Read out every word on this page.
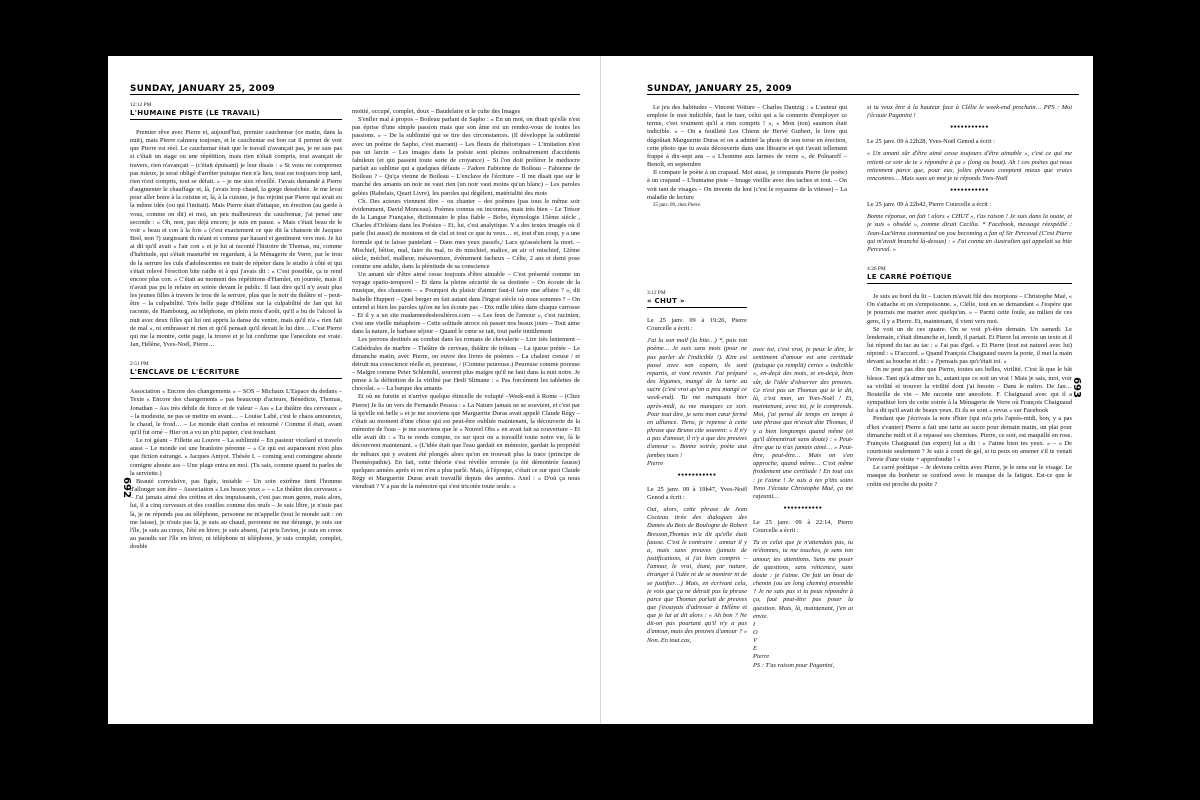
SUNDAY, JANUARY 25, 2009
692
12:12 PM
L'HUMAINE PISTE (LE TRAVAIL)

Premier rêve avec Pierre et, aujourd'hui, premier cauchemar (ce matin, dans la nuit), mais Pierre calmera toujours, et le cauchemar est bon car il permet de voir que Pierre est réel. Le cauchemar était que le travail n'avançait pas, je ne sais pas si c'était un stage ou une répétition, mais rien n'était compris, tout avançait de travers, rien n'avançait – (c'était épuisant) je leur disais : « Si vous ne comprenez pas mieux, je serai obligé d'arrêter puisque rien n'a lieu, tout est toujours trop tard, rien n'est compris, tout se défait. » – je me suis réveillé. J'avais demandé à Pierre d'augmenter le chauffage et, là, j'avais trop chaud, la gorge desséchée. Je me levai pour aller boire à la cuisine et, là, à la cuisine, je fus rejoint par Pierre qui avait eu la même idée (ou qui l'imitait). Mais Pierre était d'attaque, en érection (au garde à vous, comme on dit) et moi, un peu malheureux du cauchemar, j'ai pensé une seconde : « Oh, non, pas déjà encore, je suis en pause. » Mais c'était beau de le voir « beau et con à la fois » (c'est exactement ce que dit la chanson de Jacques Brel, non ?) surgissant du néant et comme par hasard et gentiment vers moi. Je lui ai dit qu'il avait « l'air con » et je lui ai raconté l'histoire de Thomas, nu, comme d'habitude, qui s'était masturbé en regardant, à la Ménagerie de Verre, par le trou de la serrure les culs d'adolescentes en train de répéter dans le studio à côté et qui s'était relevé l'érection bite raidie et à qui j'avais dit : « C'est possible, ça te rend encore plus con. » C'était au moment des répétitions d'Hamlet, en journée, mais il n'avait pas pu le refaire en soirée devant le public. Il faut dire qu'il n'y avait plus les jeunes filles à travers le trou de la serrure, plus que le noir du théâtre et – peut-être – la culpabilité. Très belle page d'Hélène sur la culpabilité de Jan qui lui raconte, de Hambourg, au téléphone, en plein mois d'août, qu'il a bu de l'alcool la nuit avec deux filles qui lui ont appris la danse du ventre, mais qu'il n'a « rien fait de mal », ni embrasser ni rien et qu'il pensait qu'il devait le lui dire… C'est Pierre qui me la montre, cette page, la trouve et je lui confirme que l'anecdote est vraie. Jan, Hélène, Yves-Noël, Pierre…

2:51 PM
L'ENCLAVE DE L'ÉCRITURE

Association « Encore des changements » – SOS – Michaux L'Espace du dedans – Texte « Encore des changements » pas beaucoup d'acteurs, Bénédicte, Thomas, Jonathan – Ass très débile de force et de valeur – Ass « Le théâtre des cerveaux » – la modestie, ne pas se mettre en avant… – Louise Labé, c'est le chaos amoureux, le chaud, le froid… – Le monde était confus et retourné / Comme il était, avant qu'il fut orné – Hier on a vu un p'tit papier, c'est touchant

Le roi géant – Fillette au Louvre – La sublimité – En pasteur vicelard et travelo aussi – Le monde est une branloire pérenne – « Ce qui est auparavant n'est plus que fiction estrange. » Jacques Amyot. Thésée I. – coming sout comingme ahoute comigne ahoute ass – Une plage entra en moi. (Tu sais, comme quand tu parles de la serviette.)

Beauté convulsive, pas figée, instable – Un soin extrême tient l'homme d'allonger son être – Association « Les beaux yeux » – « Le théâtre des cerveaux » – J'ai jamais aimé des crétins et des impuissants, c'est pas mon genre, mais alors, lui, il a cinq cerveaux et des couilles comme des œufs – Je suis libre, je n'suis pas là, je ne réponds pas au téléphone, personne ne m'appelle (tout le monde sait : on me laisse), je n'suis pas là, je suis au chaud, personne ne me dérange, je suis sur l'île, je suis au creux, l'été en hiver, je suis absent, j'ai pris l'avion, je suis en creux au paradis sur l'île en hiver, ni téléphone ni téléphone, je suis complet, complet, double

moitié, occupé, complet, doux – Baudelaire et le culte des Images

S'enfler mal à propos – Boileau parlant de Sapho : « En un mot, on dirait qu'elle n'est pas éprise d'une simple passion mais que son âme est un rendez-vous de toutes les passions. » – De la sublimité qui se tire des circonstances. (Il développe la sublimité avec un poème de Sapho, c'est marrant) – Les fleurs de rhétoriques – L'imitation n'est pas un larcin – Les images dans la poésie sont pleines ordinairement d'accidents fabuleux (et qui passent toute sorte de croyance) – Si l'on doit préférer le médiocre parfait au sublime qui a quelques défauts – J'adore Fabienne de Boileau – Fabienne de Boileau ? – Qu'ça vienne de Boileau – L'enclave de l'écriture – Il me disait que sur le marché des amants un noir ne vaut rien (un noir vaut moins qu'un blanc) – Les paroles gelées (Rabelais, Quart Livre), les paroles qui dégèlent, matérialité des mots

Ch. Des acteurs viennent dire – ou chanter – des poèmes (pas tous le même soir évidemment, David Monceau). Poèmes connus ou inconnus, mais très bien – Le Trésor de la Langue Française, dictionnaire le plus fiable – Bobo, étymologie 15ème siècle , Charles d'Orléans dans les Poésies – Et, lui, c'est analytique. Y a des textes imagés où il parle (lui aussi) de moutons et de ciel et tout ce que tu veux… et, tout d'un coup, y a une formule qui te laisse pantelant – Dans mes yeux passifs,/ Lacs qu'assèchent la mort. – Mischief, bêtise, mal, faire du mal, to do mischief, malice, an air of mischief, 12ème siècle, méchef, malheur, mésaventure, événement facheux – Célie, 2 ans et demi pose comme une adulte, dans la plénitude de sa conscience

Un amant sûr d'être aimé cesse toujours d'être aimable – C'est présenté comme un voyage spatio-temporel – Et dans la pleine sécurité de sa destinée – On écoute de la musique, des chansons – « Pourquoi du plaisir d'aimer faut-il faire une affaire ? », dit Isabelle Huppert – Quel berger en fait autant dans l'ingrat siècle où nous sommes ? – On entend si bien les paroles qu'on ne les écoute pas – Dix mille idées dans chaque carrosse – Et il y a un site madameedeshoulières.com – « Les feux de l'amour », c'est racinien, c'est une vieille métaphore – Cette solitude atroce où passer nos beaux jours – Tout aime dans la nature, le barbare séjour – Quand le cœur se tait, tout parle inutilement

Les perrons destinés au combat dans les romans de chevalerie – Lire très lentement – Cathédrales de marbre – Théâtre de cerveau, théâtre de tréteau – La queue prétée – Le dimanche matin, avec Pierre, on ouvre des livres de poèmes – La chaleur creuse / et détruit ma conscience réelle et, peureuse, / (Comme peureuse.) Peureuse comme poreuse – Maigre comme Peter Schlemihl, souvent plus maigre qu'il ne faut dans la nuit noire. Je pense à la définition de la virilité par Hedi Slimane : « Pas forcément les tablettes de chocolat. » – La barque des amants

Et où ne furette et n'arrive quelque étincelle de volupté –Week-end à Rome – (Chez Pierre) Je lis un vers de Fernando Pessoa : « La Nature jamais ne se souvient, et c'est par là qu'elle est belle » et je me souviens que Marguerite Duras avait appelé Claude Régy – c'était au moment d'une chose qui est peut-être oubliée maintenant, la découverte de la mémoire de l'eau – je me souviens que le « Nouvel Obs » en avait fait sa couverture – Et elle avait dit : « Tu te rends compte, ce sur quoi on a travaillé toute notre vie, là le découvrent maintenant. » (L'idée était que l'eau gardait en mémoire, gardait la propriété de mêtaux qui y avaient été plongés alors qu'on en trouvait plus la trace (principe de l'homéopathie). En fait, cette théorie s'est révélée erronée (a été démontrée fausse) quelques années après et on n'en a plus parlé. Mais, à l'époque, c'était ce sur quoi Claude Régy et Marguerite Duras avait travaillé depuis des années. Axel : « D'où ça nous viendrait ? Y a pas de la mémoire qui s'est tricotée toute seule. »

SUNDAY, JANUARY 25, 2009
693

Le jeu des habitudes – Vincent Voiture – Charles Dantzig : « L'auteur qui emploie le mot indicible, faut le tuer, celui qui a la connerie d'employer ce terme, c'est vraiment qu'il a rien compris ! », « Mon (ton) saumon était indicible. » – On a feuilleté Les Chiens de Hervé Guibert, le livre qui dégoûtait Marguerite Duras et on a admiré la photo de son torse en érection, cette photo que tu avais découverte dans une librairie et qui t'avait tellement frappé à dix-sept ans – « L'homme aux larmes de verre », de Polnareff – Benoît, en septembre

Il compare le poète à un crapaud. Moi aussi, je comparais Pierre (le poète) à un crapaud – L'humaine piste – Image vieillie avec des taches et tout. – On voit tant de visages – On invente du lent (c'est le royaume de la vitesse) – La maladie de lecture

25 janv. 09, chez Pierre.

3:12 PM
« CHUT »

Le 25 janv. 09 à 19:26, Pierre Courcelle a écrit :

J'ai lu son mail (la bite…) *, puis ton poème… Je suis sans mots (pour ne pas parler de l'indicible !). Kim est passé avec son copain, ils sont repartis, et vont revenir. J'ai préparé des légumes, mangé de la tarte au sucre (c'est vrai qu'on a peu mangé ce week-end). Tu me manquais hier après-midi, tu me manques ce soir. Pour tout dire, je sens mon cœur fermé en alliance. Tiens, je repense à cette phrase que Bruno cite souvent: « Il n'y a pas d'amour, il n'y a que des preuves d'amour ». Bonne soirée, poète aux jambes nues !

Pierre

●●●●●●●●●●●

Le 25 janv. 09 à 19h47, Yves-Noël Genod a écrit :

Oui, alors, cette phrase de Jean Cocteau tirée des dialogues des Dames du Bois de Boulogne de Robert Bresson,Thomas m'a dit qu'elle était fausse. C'est le contraire : amour il y a, mais sans preuves (jamais de justifications, si j'ai bien compris – l'amour, le vrai, étant, par nature, étranger à l'idée ni de se montrer ni de se justifier…) Mais, en écrivant cela, je vois que ça ne détruit pas la phrase parce que Thomas parlait de preuves que j'essayais d'adresser à Hélène et que je lui ai dit alors : « Ah bon ? Ne dit-on pas pourtant qu'il n'y a pas d'amour, mais des preuves d'amour ? » Non. En tout cas,

avec toi, c'est vrai, je peux le dire, le sentiment d'amour est une certitude (puisque ça remplit) certes « indicible », en-deçà des mots, et en-deçà, bien sûr, de l'idée d'observer des preuves. Ce n'est pas un Thomas qui te le dit, là, c'est mon, un Yves-Noël ! Et, maintenant, avec toi, je le comprends. Moi, j'ai pensé de temps en temps à une phrase que m'avait dite Thomas, il y a bien longtemps quand même (et qu'il démentirait sans doute) : « Peut-être que tu n'as jamais aimé… » Peut-être, peut-être… Mais on s'en approche, quand même… C'est même froidement une certitude ! En tout cas : je t'aime ! Je suis à tes p'tits soins Yvno J'écoute Christophe Maé, ça me rajeunit…

●●●●●●●●●●●

Le 25 janv. 09 à 22:14, Pierre Courcelle a écrit :

Tu es celui que je n'attendais pas, tu m'étonnes, tu me touches, je sens ton amour, tes attentions. Sans me poser de questions, sans réticence, sans doute : je t'aime. On fait un bout de chemin (ou un long chemin) ensemble ? Je ne sais pas si tu peux répondre à ça, faut peut-être pas poser la question. Mais, là, maintenant, j'en ai envie.

I

O

V

E

Pierre

PS : T'as raison pour Paganini,

si tu veux être à la hauteur face à Clélie le week-end prochain… PPS : Moi j'écoute Paganini !

●●●●●●●●●●●

Le 25 janv. 09 à 22h28, Yves-Noël Genod a écrit :

« Un amant sûr d'être aimé cesse toujours d'être aimable », c'est ce qui me retient ce soir de te « répondre à ça » (long ou bout). Ah ! ces poètes qui nous retiennent parce que, pour eux, jolies phrases comptent mieux que vraies rencontres… Mais sans un mot je te réponds Yves-Noël

●●●●●●●●●●●

Le 25 janv. 09 à 22h42, Pierre Courcelle a écrit :

Bonne réponse, on fait ! alors « CHUT », t'as raison ! Je suis dans la ouate, et je suis « obsédé », comme dirait Cecilia. * Facebook, message réexpédié : Jean-LucVerna commented on you becoming a fan of Sir Perceval (C'est Pierre qui m'avait branché là-dessus) : « J'ai connu un Australien qui appelait sa bite Perceval. »

4:26 PM
LE CARRÉ POÉTIQUE

Je suis au bord du lit – Lucien m'avait filé des morpions – Christophe Maé, « On s'attache et on s'empoisonne. », Clélie, tout en se demandant « J'espère que je pourrais me marier avec quelqu'un. » – Parmi cette foule, au milieu de ces gens, il y a Pierre. Et, maintenant, il vient vers moi.

Se voit un de ces quatre. On se voit p't-être demain. Un samedi. Le lendemain, c'était dimanche et, lundi, il partait. Et Pierre lui envoie un texto et il lui répond du tac au tac : « J'ai pas d'gel. » Et Pierre (tout est naturel avec lui) répond : « D'accord. » Quand François Chaignaud ouvre la porte, il met la main devant sa bouche et dit : « J'pensais pas qu'c'était toi. »

On ne peut pas dire que Pierre, toutes ses belles, virilité. C'est là que le bât blesse. Tant qu'à aimer un h., autant que ce soit un vrai ! Mais je sais, moi, voir sa virilité et trouver la virilité dont j'ai besoin – Dans le métro. De Jan… Bouteille de vin – Me raconte une anecdote. F. Chaignaud avec qui il a sympathisé lors de cette soirée à la Ménagerie de Verre où François Chaignaud lui a dit qu'il avait de beaux yeux. Et ils se sont « revus » sur Facebook

Pendant que j'écrivais la note d'hier (qui m'a pris l'après-midi, bon, y a pas d'koi s'vanter) Pierre a fait une tarte au sucre pour demain matin, un plat pour dimanche midi et il a repassé ses chemises. Pierre, ce soir, est maquillé en rose. François Chaignaud (un expert) lui a dit : « J'aime bien tes yeux. » – « De courtoisie seulement ? Je suis à court de gel, si tu peux en amener s'il te venait l'envie d'une visite + approfondie ! »

Le carré poétique – Je deviens crétin avec Pierre, je le sens sur le visage. Le masque du bonheur se confond avec le masque de la fatigue. Est-ce que le crétin est proche du poète ?
